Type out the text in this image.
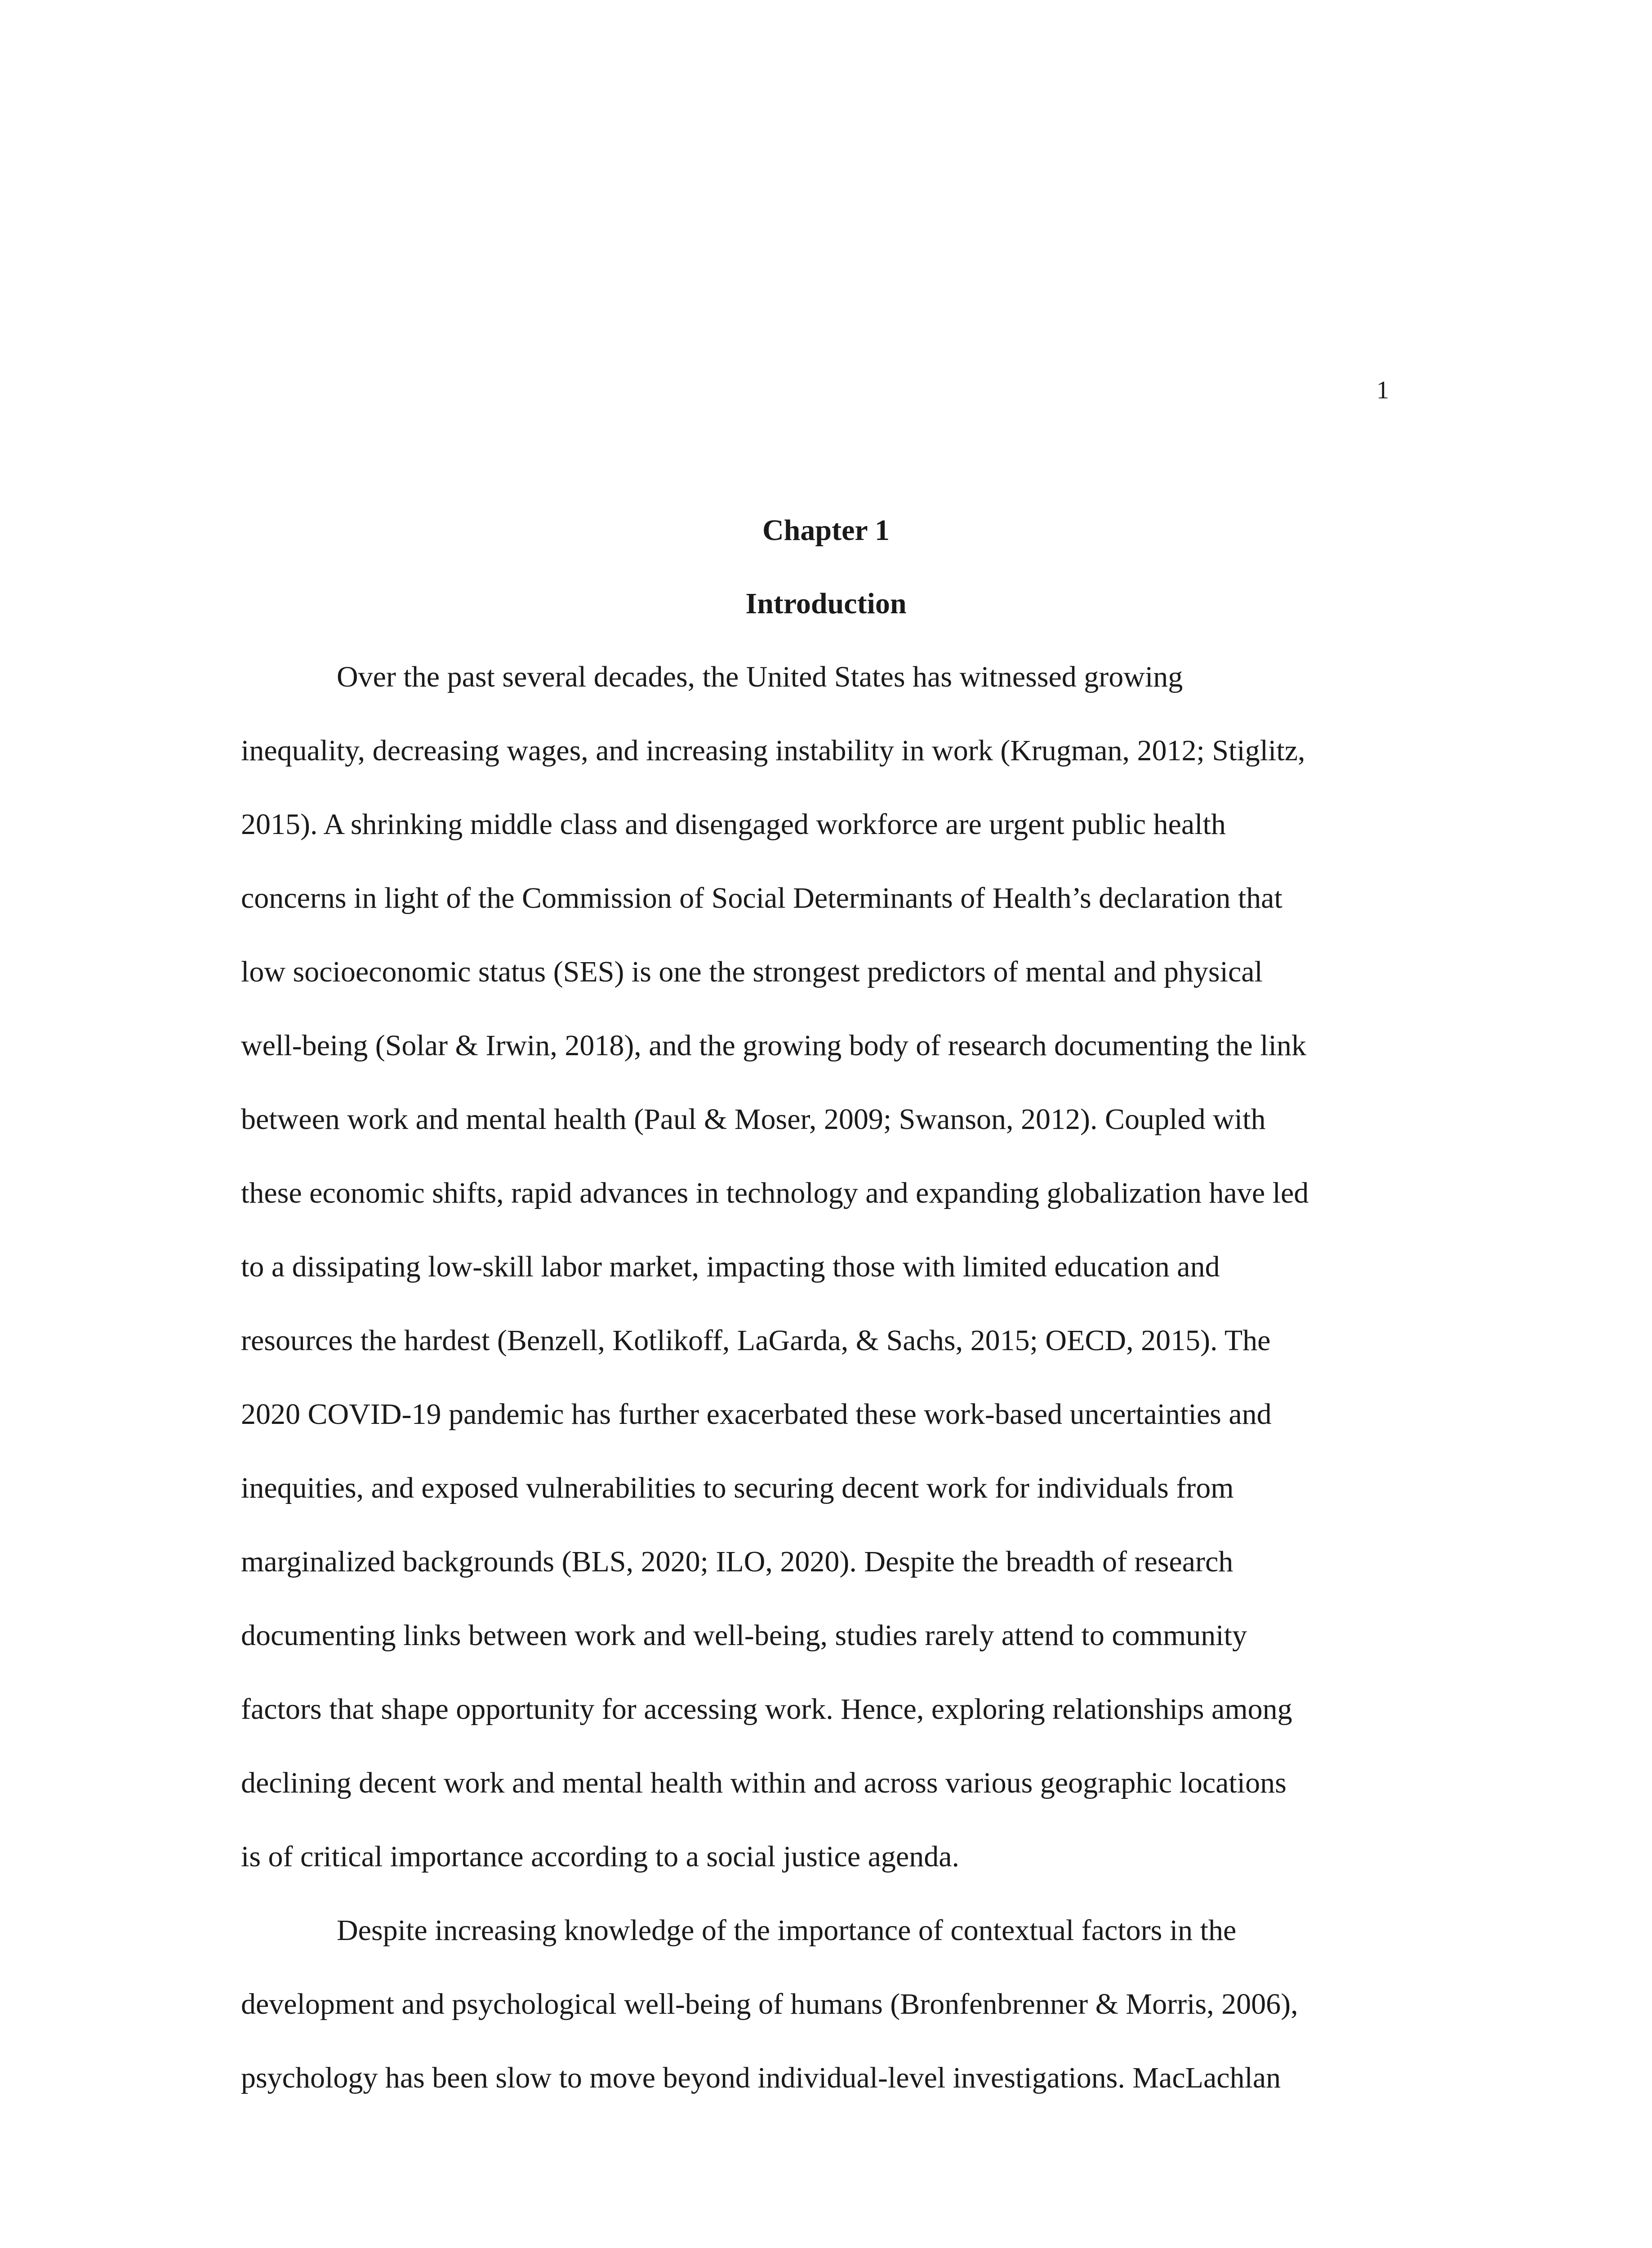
1
Chapter 1
Introduction
Over the past several decades, the United States has witnessed growing
inequality, decreasing wages, and increasing instability in work (Krugman, 2012; Stiglitz,
2015). A shrinking middle class and disengaged workforce are urgent public health
concerns in light of the Commission of Social Determinants of Health’s declaration that
low socioeconomic status (SES) is one the strongest predictors of mental and physical
well-being (Solar & Irwin, 2018), and the growing body of research documenting the link
between work and mental health (Paul & Moser, 2009; Swanson, 2012). Coupled with
these economic shifts, rapid advances in technology and expanding globalization have led
to a dissipating low-skill labor market, impacting those with limited education and
resources the hardest (Benzell, Kotlikoff, LaGarda, & Sachs, 2015; OECD, 2015). The
2020 COVID-19 pandemic has further exacerbated these work-based uncertainties and
inequities, and exposed vulnerabilities to securing decent work for individuals from
marginalized backgrounds (BLS, 2020; ILO, 2020). Despite the breadth of research
documenting links between work and well-being, studies rarely attend to community
factors that shape opportunity for accessing work. Hence, exploring relationships among
declining decent work and mental health within and across various geographic locations
is of critical importance according to a social justice agenda.
Despite increasing knowledge of the importance of contextual factors in the
development and psychological well-being of humans (Bronfenbrenner & Morris, 2006),
psychology has been slow to move beyond individual-level investigations. MacLachlan
